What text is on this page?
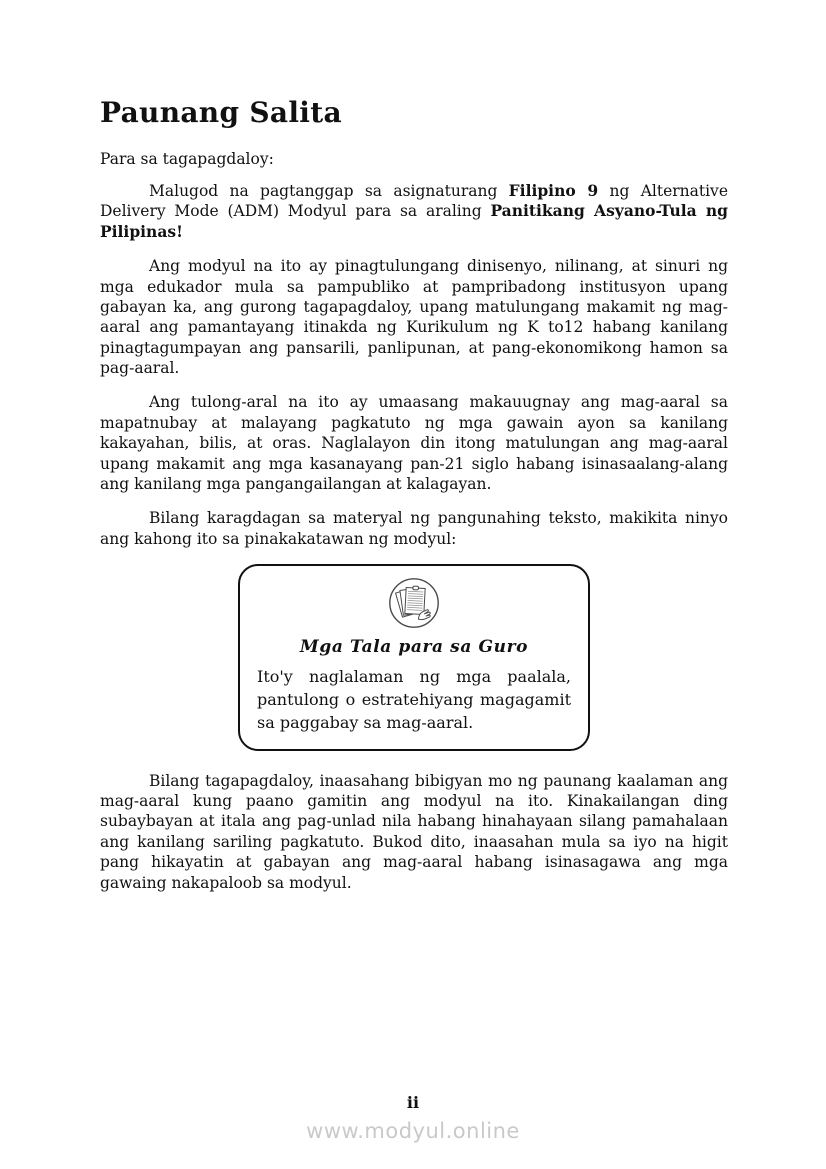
Paunang Salita

Para sa tagapagdaloy:

Malugod na pagtanggap sa asignaturang Filipino 9 ng Alternative Delivery Mode (ADM) Modyul para sa araling Panitikang Asyano-Tula ng Pilipinas!

Ang modyul na ito ay pinagtulungang dinisenyo, nilinang, at sinuri ng mga edukador mula sa pampubliko at pampribadong institusyon upang gabayan ka, ang gurong tagapagdaloy, upang matulungang makamit ng mag-aaral ang pamantayang itinakda ng Kurikulum ng K to12 habang kanilang pinagtagumpayan ang pansarili, panlipunan, at pang-ekonomikong hamon sa pag-aaral.

Ang tulong-aral na ito ay umaasang makauugnay ang mag-aaral sa mapatnubay at malayang pagkatuto ng mga gawain ayon sa kanilang kakayahan, bilis, at oras. Naglalayon din itong matulungan ang mag-aaral upang makamit ang mga kasanayang pan-21 siglo habang isinasaalang-alang ang kanilang mga pangangailangan at kalagayan.

Bilang karagdagan sa materyal ng pangunahing teksto, makikita ninyo ang kahong ito sa pinakakatawan ng modyul:

Mga Tala para sa Guro

Ito'y naglalaman ng mga paalala, pantulong o estratehiyang magagamit sa paggabay sa mag-aaral.

Bilang tagapagdaloy, inaasahang bibigyan mo ng paunang kaalaman ang mag-aaral kung paano gamitin ang modyul na ito. Kinakailangan ding subaybayan at itala ang pag-unlad nila habang hinahayaan silang pamahalaan ang kanilang sariling pagkatuto. Bukod dito, inaasahan mula sa iyo na higit pang hikayatin at gabayan ang mag-aaral habang isinasagawa ang mga gawaing nakapaloob sa modyul.

ii
www.modyul.online
